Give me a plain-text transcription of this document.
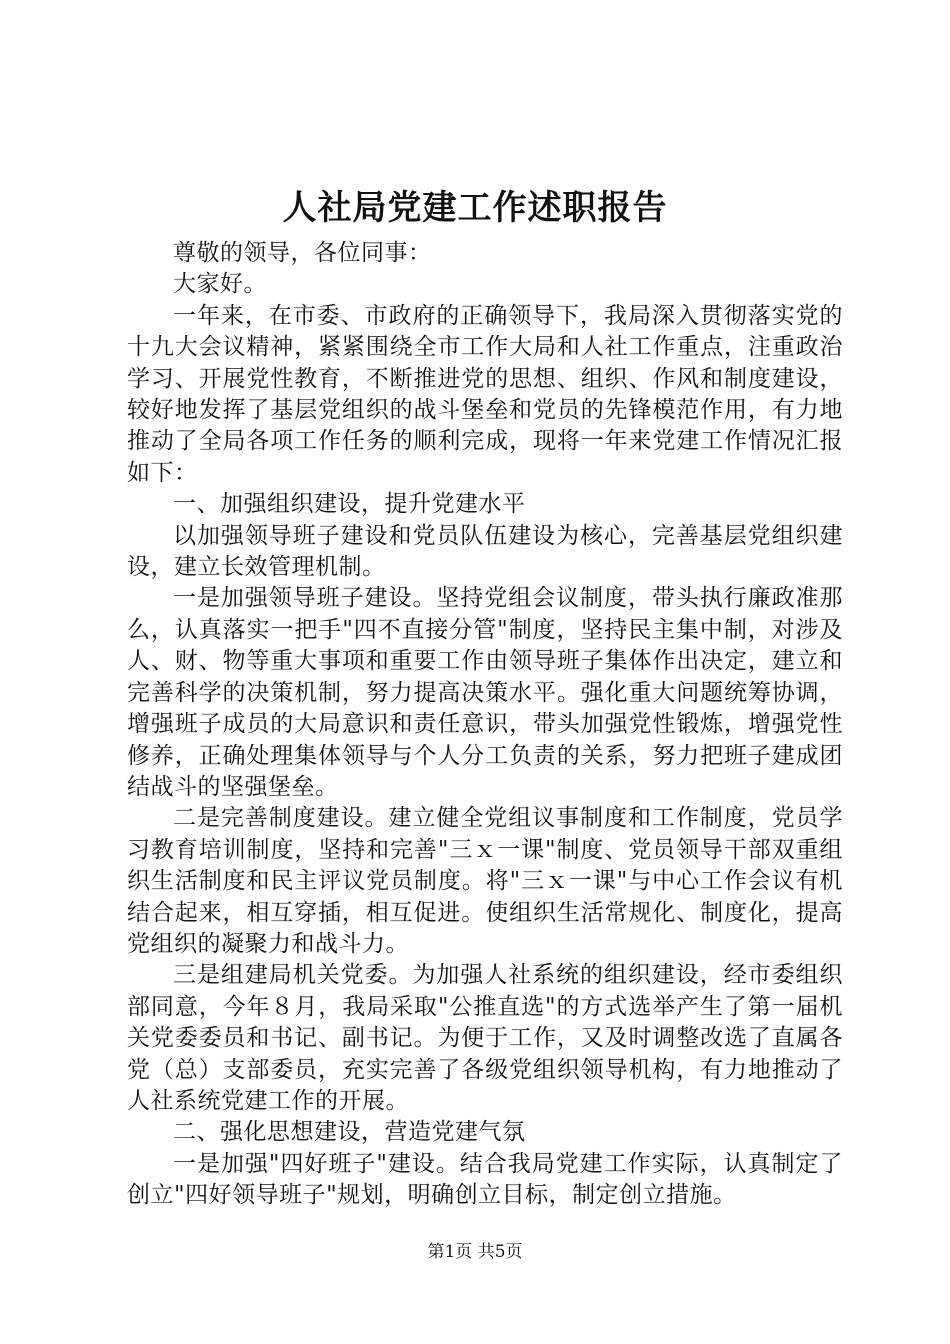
人社局党建工作述职报告

尊敬的领导，各位同事：

大家好。

一年来，在市委、市政府的正确领导下，我局深入贯彻落实党的十九大会议精神，紧紧围绕全市工作大局和人社工作重点，注重政治学习、开展党性教育，不断推进党的思想、组织、作风和制度建设，较好地发挥了基层党组织的战斗堡垒和党员的先锋模范作用，有力地推动了全局各项工作任务的顺利完成，现将一年来党建工作情况汇报如下：

一、加强组织建设，提升党建水平

以加强领导班子建设和党员队伍建设为核心，完善基层党组织建设，建立长效管理机制。

一是加强领导班子建设。坚持党组会议制度，带头执行廉政准那么，认真落实一把手"四不直接分管"制度，坚持民主集中制，对涉及人、财、物等重大事项和重要工作由领导班子集体作出决定，建立和完善科学的决策机制，努力提高决策水平。强化重大问题统筹协调，增强班子成员的大局意识和责任意识，带头加强党性锻炼，增强党性修养，正确处理集体领导与个人分工负责的关系，努力把班子建成团结战斗的坚强堡垒。

二是完善制度建设。建立健全党组议事制度和工作制度，党员学习教育培训制度，坚持和完善"三ｘ一课"制度、党员领导干部双重组织生活制度和民主评议党员制度。将"三ｘ一课"与中心工作会议有机结合起来，相互穿插，相互促进。使组织生活常规化、制度化，提高党组织的凝聚力和战斗力。

三是组建局机关党委。为加强人社系统的组织建设，经市委组织部同意，今年８月，我局采取"公推直选"的方式选举产生了第一届机关党委委员和书记、副书记。为便于工作，又及时调整改选了直属各党（总）支部委员，充实完善了各级党组织领导机构，有力地推动了人社系统党建工作的开展。

二、强化思想建设，营造党建气氛

一是加强"四好班子"建设。结合我局党建工作实际，认真制定了创立"四好领导班子"规划，明确创立目标，制定创立措施。

第1页 共5页
